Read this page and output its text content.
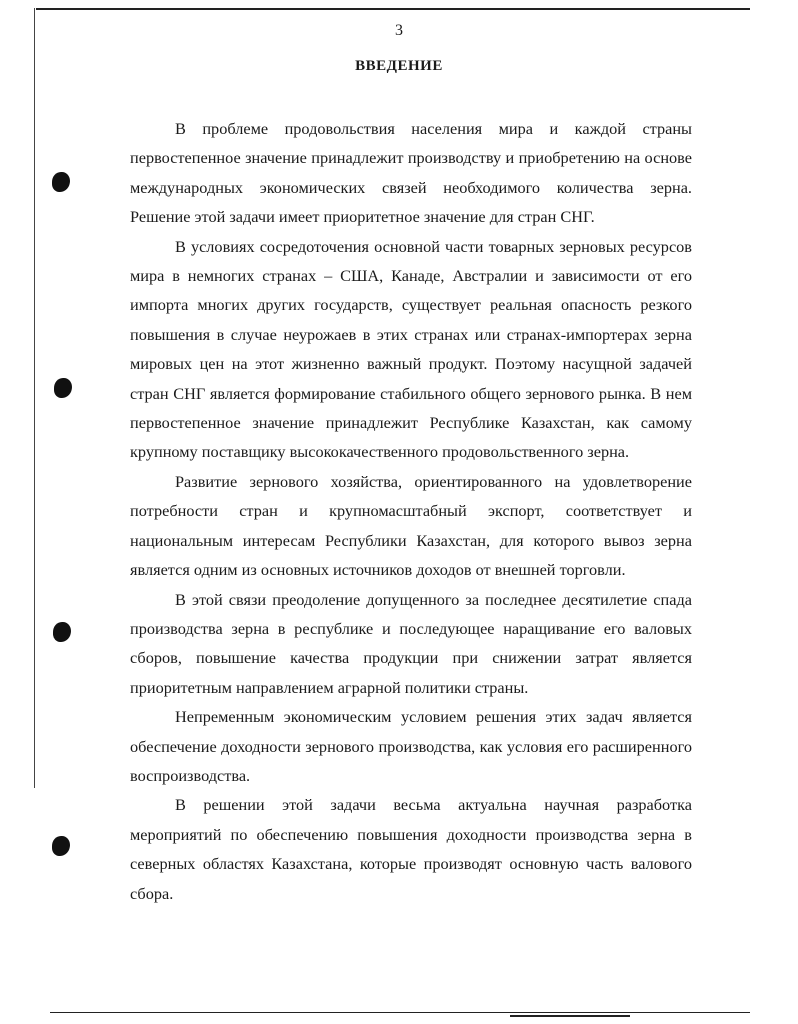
3
ВВЕДЕНИЕ

В проблеме продовольствия населения мира и каждой страны первостепенное значение принадлежит производству и приобретению на основе международных экономических связей необходимого количества зерна. Решение этой задачи имеет приоритетное значение для стран СНГ.

В условиях сосредоточения основной части товарных зерновых ресурсов мира в немногих странах – США, Канаде, Австралии и зависимости от его импорта многих других государств, существует реальная опасность резкого повышения в случае неурожаев в этих странах или странах-импортерах зерна мировых цен на этот жизненно важный продукт. Поэтому насущной задачей стран СНГ является формирование стабильного общего зернового рынка. В нем первостепенное значение принадлежит Республике Казахстан, как самому крупному поставщику высококачественного продовольственного зерна.

Развитие зернового хозяйства, ориентированного на удовлетворение потребности стран и крупномасштабный экспорт, соответствует и национальным интересам Республики Казахстан, для которого вывоз зерна является одним из основных источников доходов от внешней торговли.

В этой связи преодоление допущенного за последнее десятилетие спада производства зерна в республике и последующее наращивание его валовых сборов, повышение качества продукции при снижении затрат является приоритетным направлением аграрной политики страны.

Непременным экономическим условием решения этих задач является обеспечение доходности зернового производства, как условия его расширенного воспроизводства.

В решении этой задачи весьма актуальна научная разработка мероприятий по обеспечению повышения доходности производства зерна в северных областях Казахстана, которые производят основную часть валового сбора.
